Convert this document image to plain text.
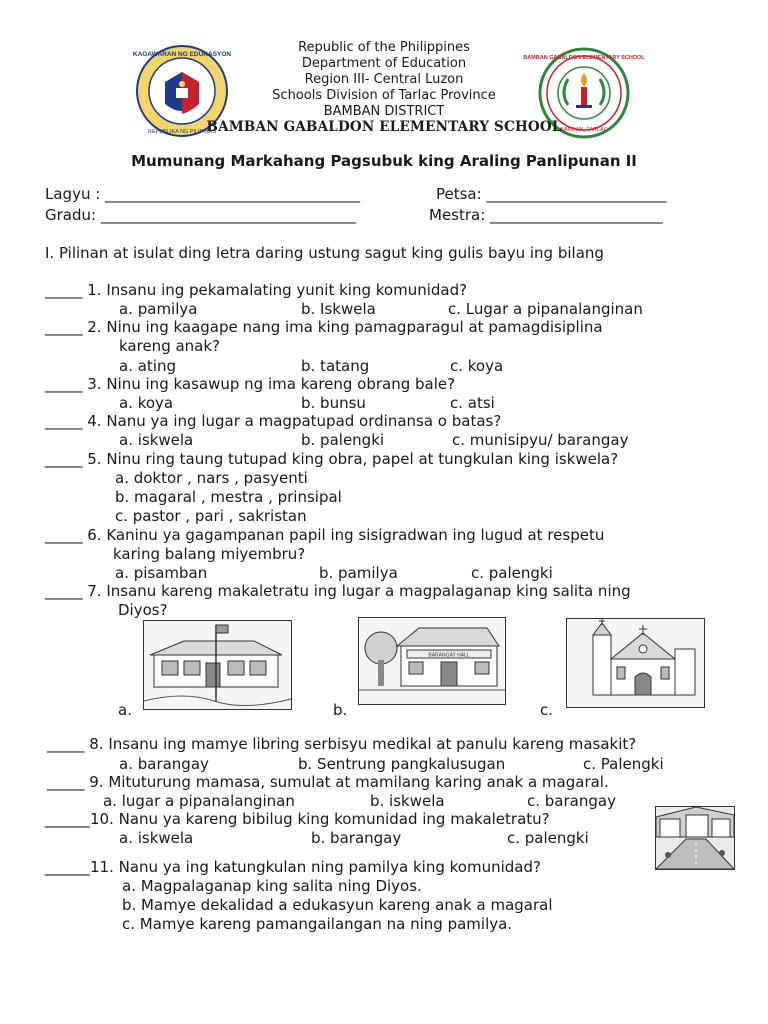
KAGAWARAN NG EDUKASYON
REPUBLIKA NG PILIPINAS
BAMBAN GABALDON ELEMENTARY SCHOOL
BAMBAN, TARLAC
Republic of the Philippines
Department of Education
Region III- Central Luzon
Schools Division of Tarlac Province
BAMBAN DISTRICT
BAMBAN GABALDON ELEMENTARY SCHOOL
Mumunang Markahang Pagsubuk king Araling Panlipunan II
Lagyu : __________________________________	Petsa: ________________________
Gradu: __________________________________	Mestra: _______________________
I. Pilinan at isulat ding letra daring ustung sagut king gulis bayu ing bilang
_____ 1. Insanu ing pekamalating yunit king komunidad?
a. pamilya	b. Iskwela	c. Lugar a pipanalanginan
_____ 2. Ninu ing kaagape nang ima king pamagparagul at pamagdisiplina
kareng anak?
a. ating	b. tatang	c. koya
_____ 3. Ninu ing kasawup ng ima kareng obrang bale?
a. koya	b. bunsu	c. atsi
_____ 4. Nanu ya ing lugar a magpatupad ordinansa o batas?
a. iskwela	b. palengki	c. munisipyu/ barangay
_____ 5. Ninu ring taung tutupad king obra, papel at tungkulan king iskwela?
a. doktor , nars , pasyenti
b. magaral , mestra , prinsipal
c. pastor , pari , sakristan
_____ 6. Kaninu ya gagampanan papil ing sisigradwan ing lugud at respetu
karing balang miyembru?
a. pisamban	b. pamilya	c. palengki
_____ 7. Insanu kareng makaletratu ing lugar a magpalaganap king salita ning
Diyos?
BARANGAY HALL
a.	b.	c.
_____ 8. Insanu ing mamye libring serbisyu medikal at panulu kareng masakit?
a. barangay	b. Sentrung pangkalusugan	c. Palengki
_____ 9. Mituturung mamasa, sumulat at mamilang karing anak a magaral.
a. lugar a pipanalanginan	b. iskwela	c. barangay
______10. Nanu ya kareng bibilug king komunidad ing makaletratu?
a. iskwela	b. barangay	c. palengki
______11. Nanu ya ing katungkulan ning pamilya king komunidad?
a. Magpalaganap king salita ning Diyos.
b. Mamye dekalidad a edukasyun kareng anak a magaral
c. Mamye kareng pamangailangan na ning pamilya.
